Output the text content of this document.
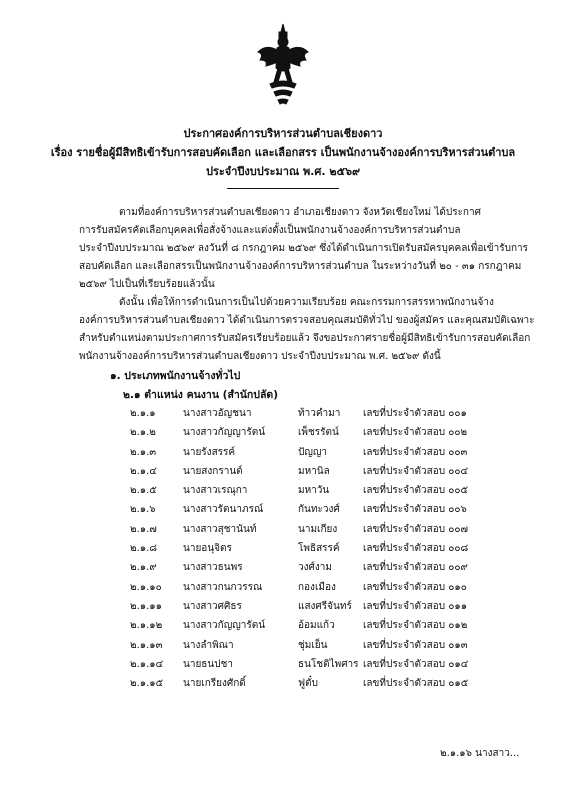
ประกาศองค์การบริหารส่วนตำบลเชียงดาว
เรื่อง รายชื่อผู้มีสิทธิเข้ารับการสอบคัดเลือก และเลือกสรร เป็นพนักงานจ้างองค์การบริหารส่วนตำบล
ประจำปีงบประมาณ พ.ศ. ๒๕๖๙
ตามที่องค์การบริหารส่วนตำบลเชียงดาว อำเภอเชียงดาว จังหวัดเชียงใหม่ ได้ประกาศ
การรับสมัครคัดเลือกบุคคลเพื่อสั่งจ้างและแต่งตั้งเป็นพนักงานจ้างองค์การบริหารส่วนตำบล
ประจำปีงบประมาณ ๒๕๖๙ ลงวันที่ ๘ กรกฎาคม ๒๕๖๙ ซึ่งได้ดำเนินการเปิดรับสมัครบุคคลเพื่อเข้ารับการ
สอบคัดเลือก และเลือกสรรเป็นพนักงานจ้างองค์การบริหารส่วนตำบล ในระหว่างวันที่ ๒๐ - ๓๑ กรกฎาคม
๒๕๖๙ ไปเป็นที่เรียบร้อยแล้วนั้น
ดังนั้น เพื่อให้การดำเนินการเป็นไปด้วยความเรียบร้อย คณะกรรมการสรรหาพนักงานจ้าง
องค์การบริหารส่วนตำบลเชียงดาว ได้ดำเนินการตรวจสอบคุณสมบัติทั่วไป ของผู้สมัคร และคุณสมบัติเฉพาะ
สำหรับตำแหน่งตามประกาศการรับสมัครเรียบร้อยแล้ว จึงขอประกาศรายชื่อผู้มีสิทธิเข้ารับการสอบคัดเลือก
พนักงานจ้างองค์การบริหารส่วนตำบลเชียงดาว ประจำปีงบประมาณ พ.ศ. ๒๕๖๙ ดังนี้
๑. ประเภทพนักงานจ้างทั่วไป
๒.๑ ตำแหน่ง คนงาน (สำนักปลัด)
๒.๑.๑	นางสาวอัญชนา	ท้าวคำมา เลขที่ประจำตัวสอบ ๐๐๑
๒.๑.๒	นางสาวกัญญารัตน์	เพ็ชรรัตน์ เลขที่ประจำตัวสอบ ๐๐๒
๒.๑.๓	นายรังสรรค์	ปัญญา	เลขที่ประจำตัวสอบ ๐๐๓
๒.๑.๔	นายสงกรานต์	มหานิล	เลขที่ประจำตัวสอบ ๐๐๔
๒.๑.๕	นางสาวเรณุกา	มหาวัน	เลขที่ประจำตัวสอบ ๐๐๕
๒.๑.๖	นางสาวรัตนาภรณ์	กันทะวงศ์ เลขที่ประจำตัวสอบ ๐๐๖
๒.๑.๗	นางสาวสุชานันท์	นามเกียง	เลขที่ประจำตัวสอบ ๐๐๗
๒.๑.๘	นายอนุจิตร	โพธิสรรค์ เลขที่ประจำตัวสอบ ๐๐๘
๒.๑.๙	นางสาวธนพร	วงศ์งาม	เลขที่ประจำตัวสอบ ๐๐๙
๒.๑.๑๐ นางสาวกนกวรรณ	กองเมือง	เลขที่ประจำตัวสอบ ๐๑๐
๒.๑.๑๑ นางสาวศศิธร	แสงศรีจันทร์ เลขที่ประจำตัวสอบ ๐๑๑
๒.๑.๑๒ นางสาวกัญญารัตน์	อ้อมแก้ว	เลขที่ประจำตัวสอบ ๐๑๒
๒.๑.๑๓ นางลำพิณา	ชุ่มเย็น	เลขที่ประจำตัวสอบ ๐๑๓
๒.๑.๑๔ นายธนปชา	ธนโชติไพศาร เลขที่ประจำตัวสอบ ๐๑๔
๒.๑.๑๕ นายเกรียงศักดิ์	ฟูตั๋บ	เลขที่ประจำตัวสอบ ๐๑๕
๒.๑.๑๖ นางสาว...
